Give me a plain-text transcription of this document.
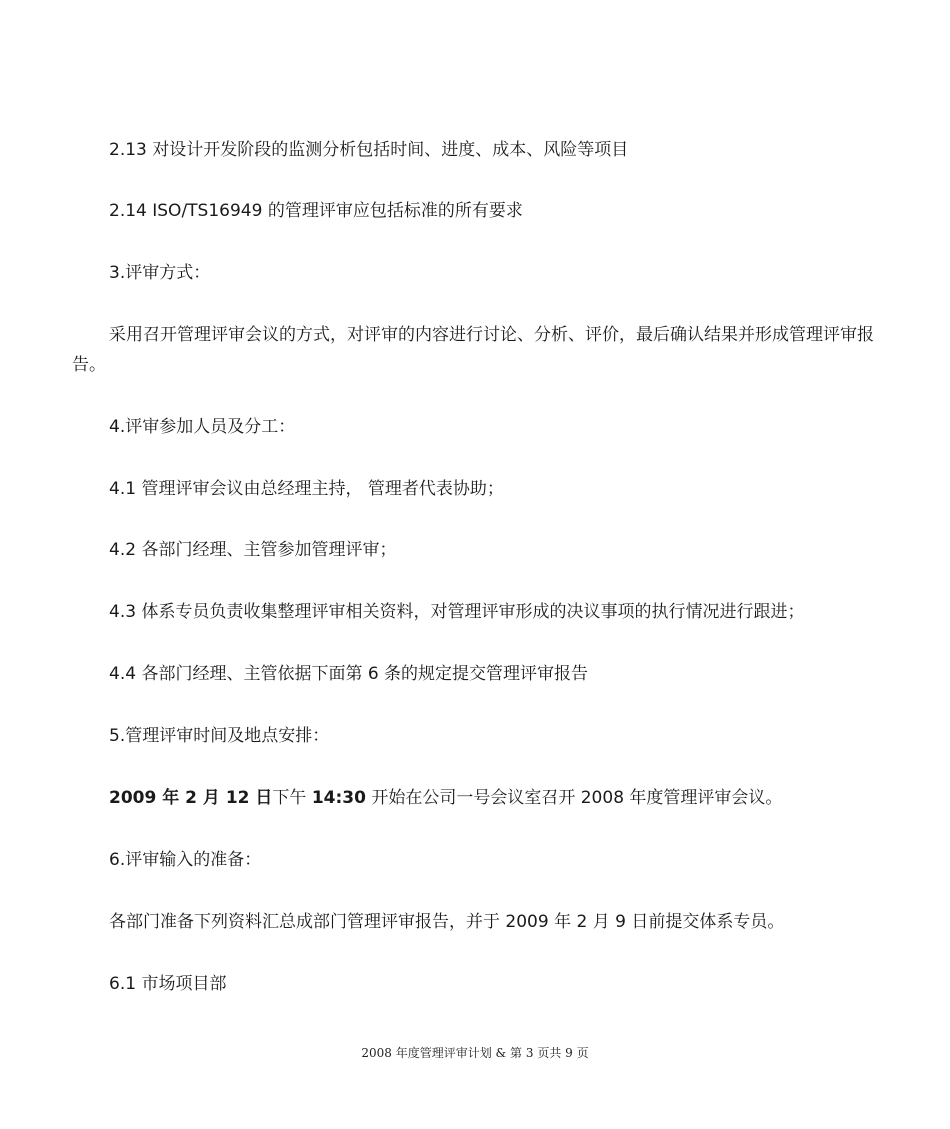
2.13 对设计开发阶段的监测分析包括时间、进度、成本、风险等项目
2.14 ISO/TS16949 的管理评审应包括标准的所有要求
3.评审方式：
采用召开管理评审会议的方式，对评审的内容进行讨论、分析、评价，最后确认结果并形成管理评审报告。
4.评审参加人员及分工：
4.1 管理评审会议由总经理主持， 管理者代表协助；
4.2 各部门经理、主管参加管理评审；
4.3 体系专员负责收集整理评审相关资料，对管理评审形成的决议事项的执行情况进行跟进；
4.4 各部门经理、主管依据下面第 6 条的规定提交管理评审报告
5.管理评审时间及地点安排：
2009 年 2 月 12 日下午 14:30 开始在公司一号会议室召开 2008 年度管理评审会议。
6.评审输入的准备：
各部门准备下列资料汇总成部门管理评审报告，并于 2009 年 2 月 9 日前提交体系专员。
6.1 市场项目部
2008 年度管理评审计划 & 第 3 页共 9 页
